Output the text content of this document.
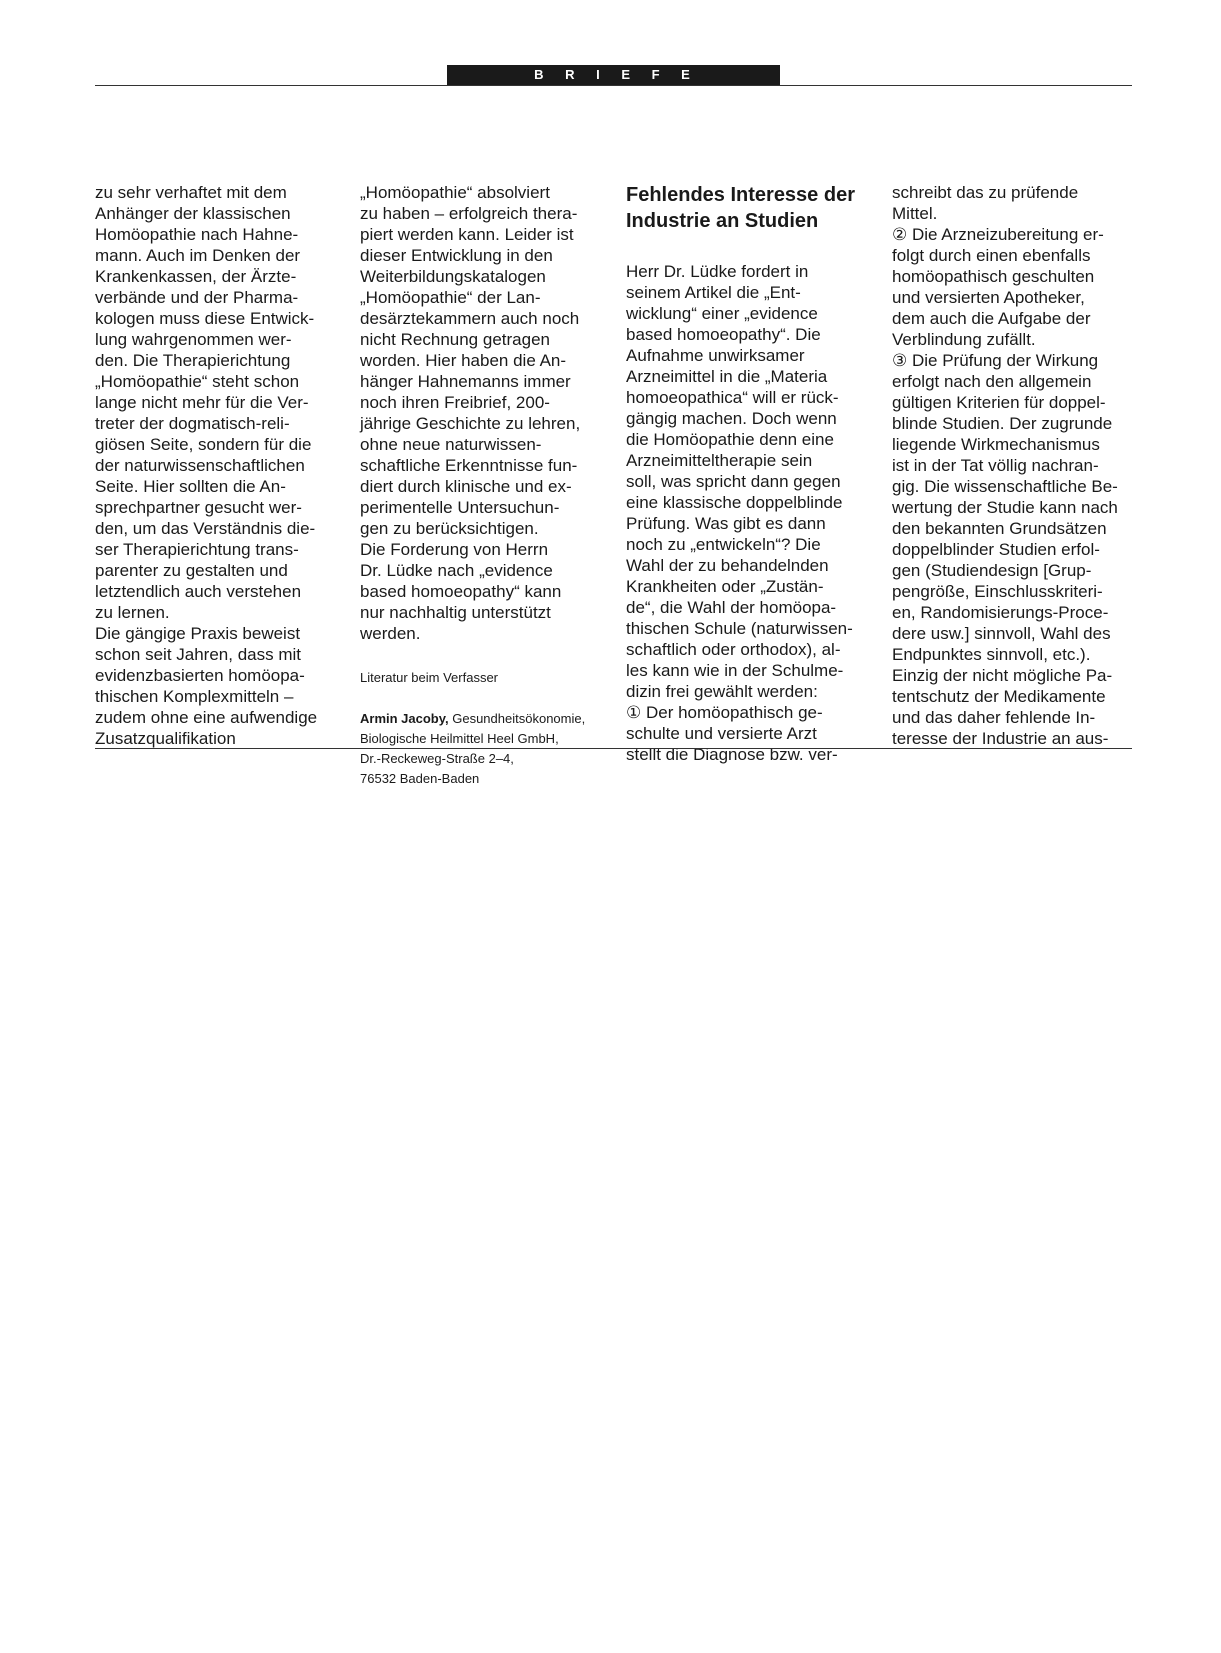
B R I E F E

zu sehr verhaftet mit dem
Anhänger der klassischen
Homöopathie nach Hahne-
mann. Auch im Denken der
Krankenkassen, der Ärzte-
verbände und der Pharma-
kologen muss diese Entwick-
lung wahrgenommen wer-
den. Die Therapierichtung
„Homöopathie“ steht schon
lange nicht mehr für die Ver-
treter der dogmatisch-reli-
giösen Seite, sondern für die
der naturwissenschaftlichen
Seite. Hier sollten die An-
sprechpartner gesucht wer-
den, um das Verständnis die-
ser Therapierichtung trans-
parenter zu gestalten und
letztendlich auch verstehen
zu lernen.
Die gängige Praxis beweist
schon seit Jahren, dass mit
evidenzbasierten homöopa-
thischen Komplexmitteln –
zudem ohne eine aufwendige
Zusatzqualifikation

„Homöopathie“ absolviert
zu haben – erfolgreich thera-
piert werden kann. Leider ist
dieser Entwicklung in den
Weiterbildungskatalogen
„Homöopathie“ der Lan-
desärztekammern auch noch
nicht Rechnung getragen
worden. Hier haben die An-
hänger Hahnemanns immer
noch ihren Freibrief, 200-
jährige Geschichte zu lehren,
ohne neue naturwissen-
schaftliche Erkenntnisse fun-
diert durch klinische und ex-
perimentelle Untersuchun-
gen zu berücksichtigen.
Die Forderung von Herrn
Dr. Lüdke nach „evidence
based homoeopathy“ kann
nur nachhaltig unterstützt
werden.

Literatur beim Verfasser

Armin Jacoby, Gesundheitsökonomie,
Biologische Heilmittel Heel GmbH,
Dr.-Reckeweg-Straße 2–4,
76532 Baden-Baden

Fehlendes Interesse der
Industrie an Studien

Herr Dr. Lüdke fordert in
seinem Artikel die „Ent-
wicklung“ einer „evidence
based homoeopathy“. Die
Aufnahme unwirksamer
Arzneimittel in die „Materia
homoeopathica“ will er rück-
gängig machen. Doch wenn
die Homöopathie denn eine
Arzneimitteltherapie sein
soll, was spricht dann gegen
eine klassische doppelblinde
Prüfung. Was gibt es dann
noch zu „entwickeln“? Die
Wahl der zu behandelnden
Krankheiten oder „Zustän-
de“, die Wahl der homöopa-
thischen Schule (naturwissen-
schaftlich oder orthodox), al-
les kann wie in der Schulme-
dizin frei gewählt werden:
① Der homöopathisch ge-
schulte und versierte Arzt
stellt die Diagnose bzw. ver-

schreibt das zu prüfende
Mittel.
② Die Arzneizubereitung er-
folgt durch einen ebenfalls
homöopathisch geschulten
und versierten Apotheker,
dem auch die Aufgabe der
Verblindung zufällt.
③ Die Prüfung der Wirkung
erfolgt nach den allgemein
gültigen Kriterien für doppel-
blinde Studien. Der zugrunde
liegende Wirkmechanismus
ist in der Tat völlig nachran-
gig. Die wissenschaftliche Be-
wertung der Studie kann nach
den bekannten Grundsätzen
doppelblinder Studien erfol-
gen (Studiendesign [Grup-
pengröße, Einschlusskriteri-
en, Randomisierungs-Proce-
dere usw.] sinnvoll, Wahl des
Endpunktes sinnvoll, etc.).
Einzig der nicht mögliche Pa-
tentschutz der Medikamente
und das daher fehlende In-
teresse der Industrie an aus-
